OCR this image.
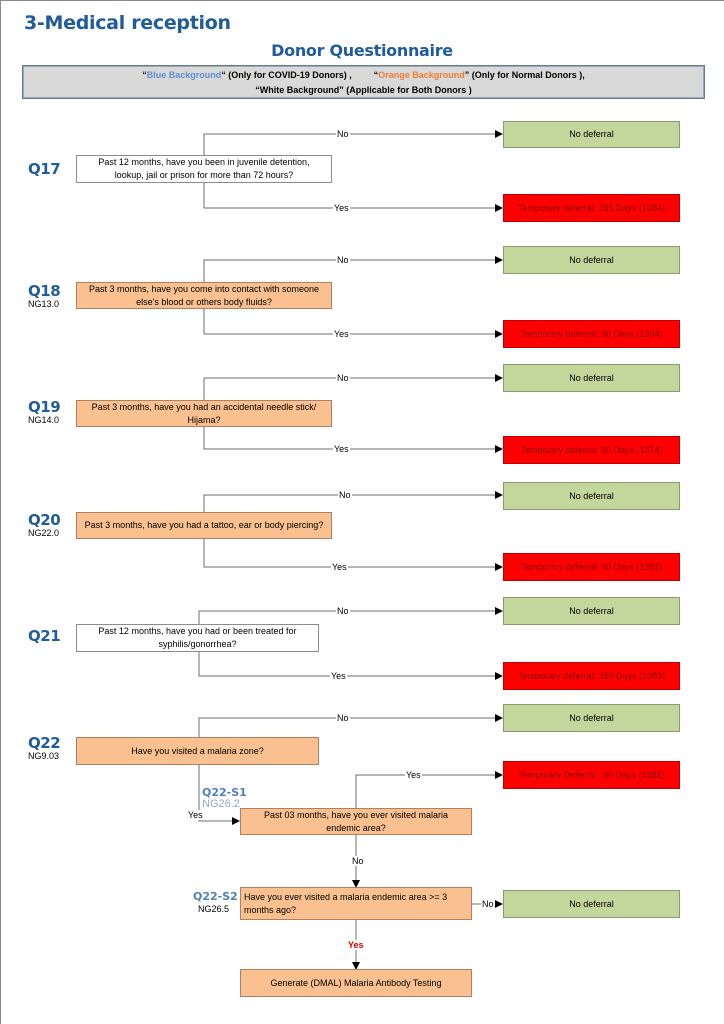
3-Medical reception
Donor Questionnaire
“Blue Background“ (Only for COVID-19 Donors) , “Orange Background” (Only for Normal Donors ),
“White Background” (Applicable for Both Donors )
Q17	Past 12 months, have you been in juvenile detention, lookup, jail or prison for more than 72 hours?
No
Yes
No deferral
Temporary deferral: 365 Days (1384)
Q18
NG13.0
Past 3 months, have you come into contact with someone else's blood or others body fluids?
No
Yes
No deferral
Temporary deferral: 90 Days (1394)
Q19
NG14.0
Past 3 months, have you had an accidental needle stick/ Hijama?
No
Yes
No deferral
Temporary deferral: 90 Days (1374)
Q20
NG22.0
Past 3 months, have you had a tattoo, ear or body piercing?
No
Yes
No deferral
Temporary deferral: 90 Days (1381)
Q21	Past 12 months, have you had or been treated for syphilis/gonorrhea?
No
Yes
No deferral
Temporary deferral: 365 Days (1383)
Q22
NG9.03
Have you visited a malaria zone?
No	No deferral
Yes
Q22-S1
NG26.2
Past 03 months, have you ever visited malaria endemic area?
Yes	Temporary Deferral : 90 Days (1385)
No
Q22-S2
NG26.5
Have you ever visited a malaria endemic area >= 3 months ago?
No	No deferral
Yes
Generate (DMAL) Malaria Antibody Testing
